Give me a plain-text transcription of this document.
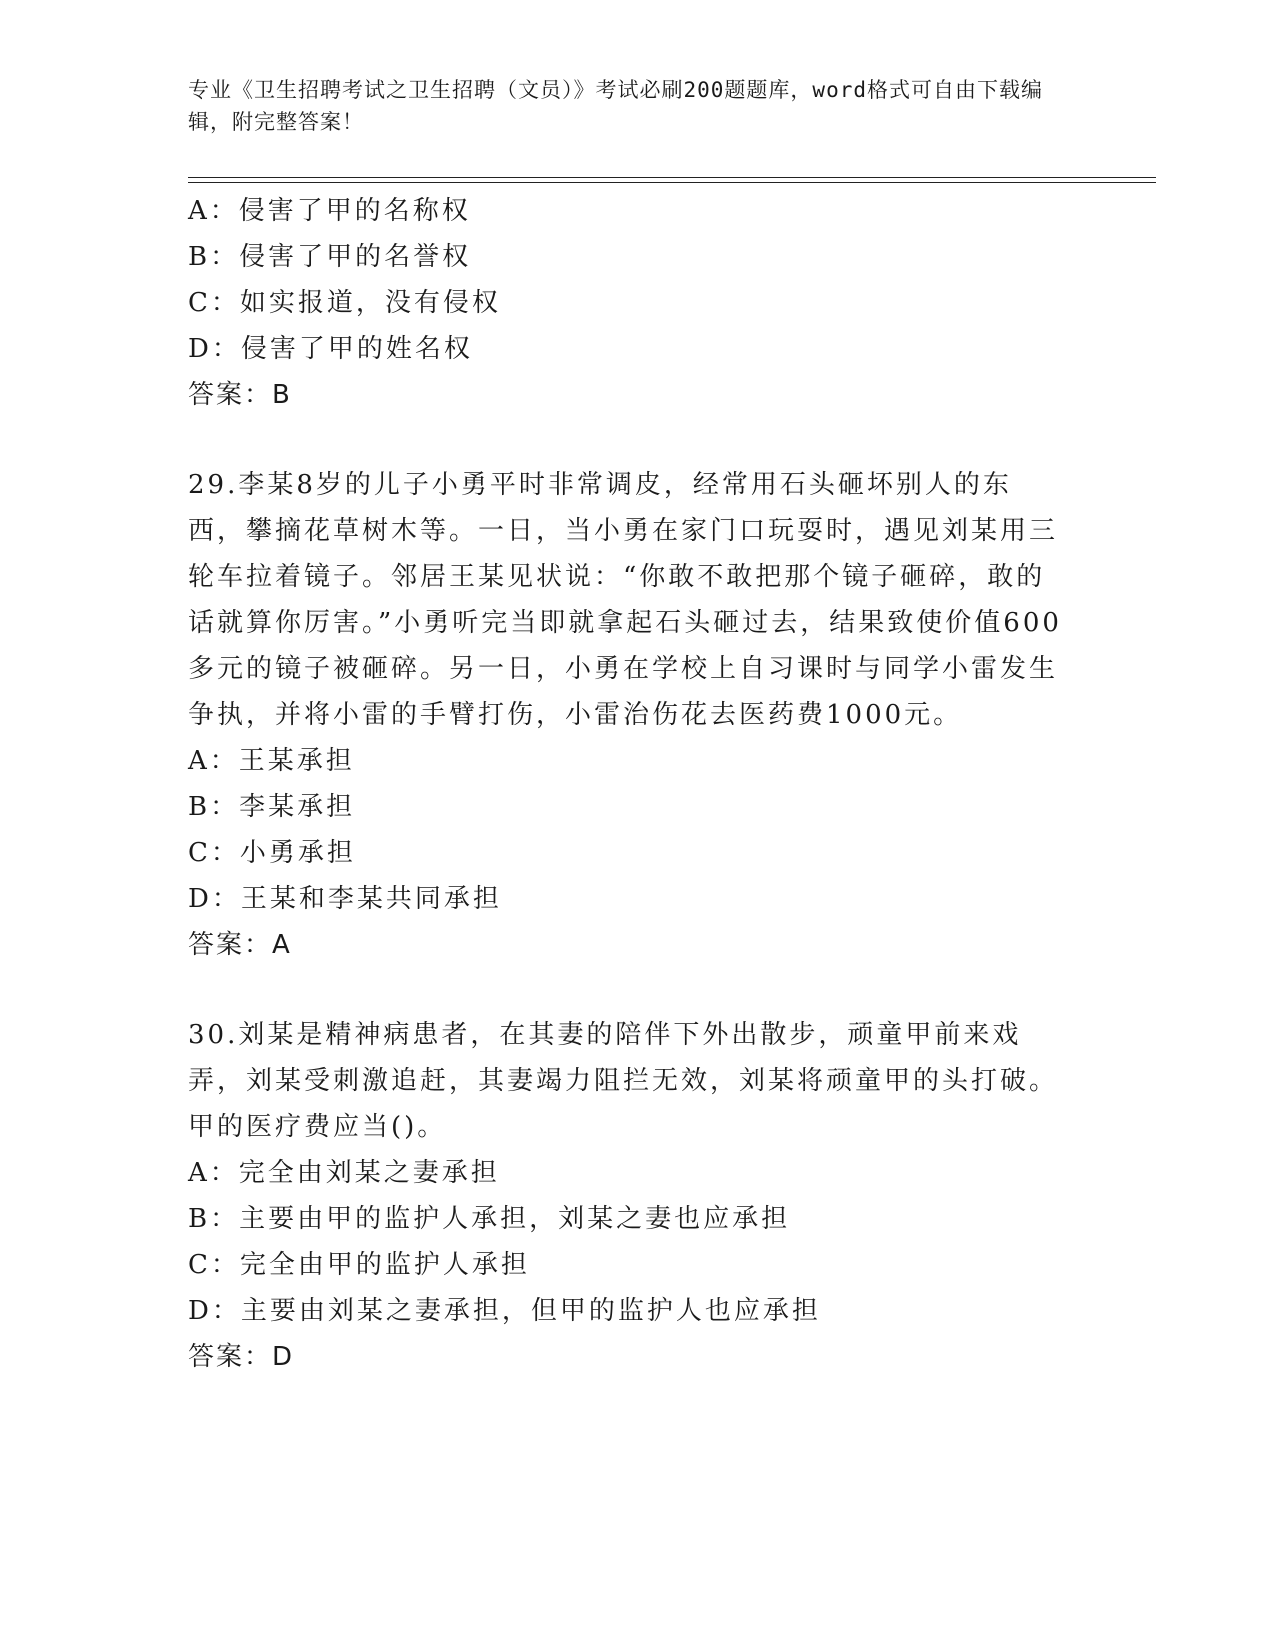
专业《卫生招聘考试之卫生招聘（文员）》考试必刷200题题库，word格式可自由下载编辑，附完整答案！
A：侵害了甲的名称权
B：侵害了甲的名誉权
C：如实报道，没有侵权
D：侵害了甲的姓名权
答案：B
29.李某8岁的儿子小勇平时非常调皮，经常用石头砸坏别人的东西，攀摘花草树木等。一日，当小勇在家门口玩耍时，遇见刘某用三轮车拉着镜子。邻居王某见状说：“你敢不敢把那个镜子砸碎，敢的话就算你厉害。”小勇听完当即就拿起石头砸过去，结果致使价值600多元的镜子被砸碎。另一日，小勇在学校上自习课时与同学小雷发生争执，并将小雷的手臂打伤，小雷治伤花去医药费1000元。
A：王某承担
B：李某承担
C：小勇承担
D：王某和李某共同承担
答案：A
30.刘某是精神病患者，在其妻的陪伴下外出散步，顽童甲前来戏弄，刘某受刺激追赶，其妻竭力阻拦无效，刘某将顽童甲的头打破。甲的医疗费应当()。
A：完全由刘某之妻承担
B：主要由甲的监护人承担，刘某之妻也应承担
C：完全由甲的监护人承担
D：主要由刘某之妻承担，但甲的监护人也应承担
答案：D
